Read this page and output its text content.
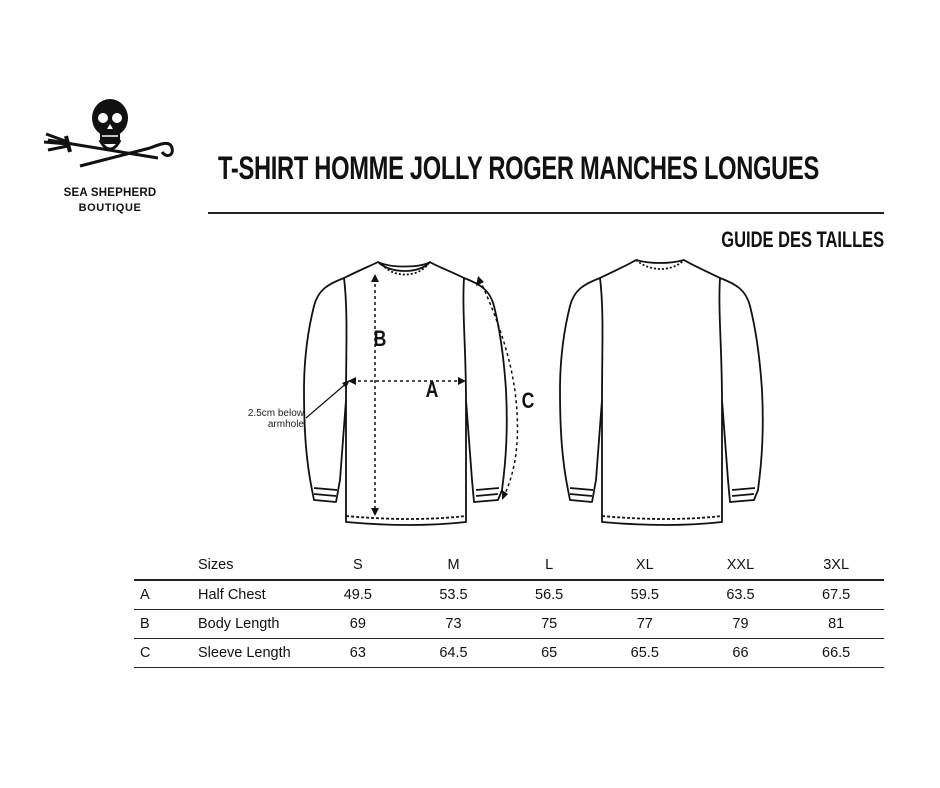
SEA SHEPHERD
BOUTIQUE
T-SHIRT HOMME JOLLY ROGER MANCHES LONGUES
GUIDE DES TAILLES
B
A	C
2.5cm below
armhole
	Sizes	S	M	L	XL	XXL	3XL
A	Half Chest	49.5	53.5	56.5	59.5	63.5	67.5
B	Body Length	69	73	75	77	79	81
C	Sleeve Length	63	64.5	65	65.5	66	66.5
